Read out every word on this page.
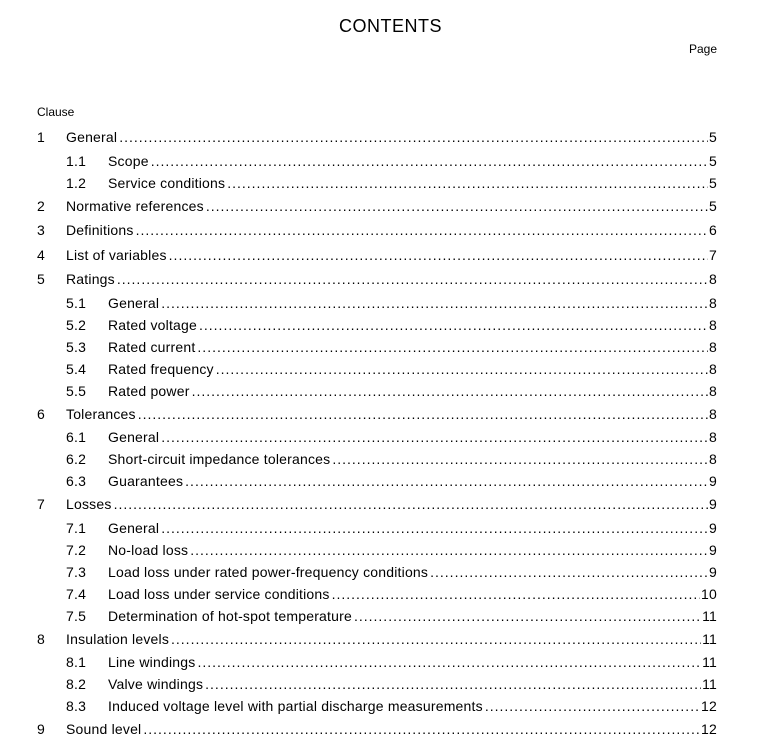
CONTENTS
Page
Clause
1	General .....	5
1.1	Scope .....	5
1.2	Service conditions .....	5
2	Normative references .....	5
3	Definitions .....	6
4	List of variables .....	7
5	Ratings .....	8
5.1	General .....	8
5.2	Rated voltage .....	8
5.3	Rated current .....	8
5.4	Rated frequency .....	8
5.5	Rated power .....	8
6	Tolerances .....	8
6.1	General .....	8
6.2	Short-circuit impedance tolerances .....	8
6.3	Guarantees .....	9
7	Losses .....	9
7.1	General .....	9
7.2	No-load loss .....	9
7.3	Load loss under rated power-frequency conditions .....	9
7.4	Load loss under service conditions .....	10
7.5	Determination of hot-spot temperature .....	11
8	Insulation levels .....	11
8.1	Line windings .....	11
8.2	Valve windings .....	11
8.3	Induced voltage level with partial discharge measurements .....	12
9	Sound level .....	12
